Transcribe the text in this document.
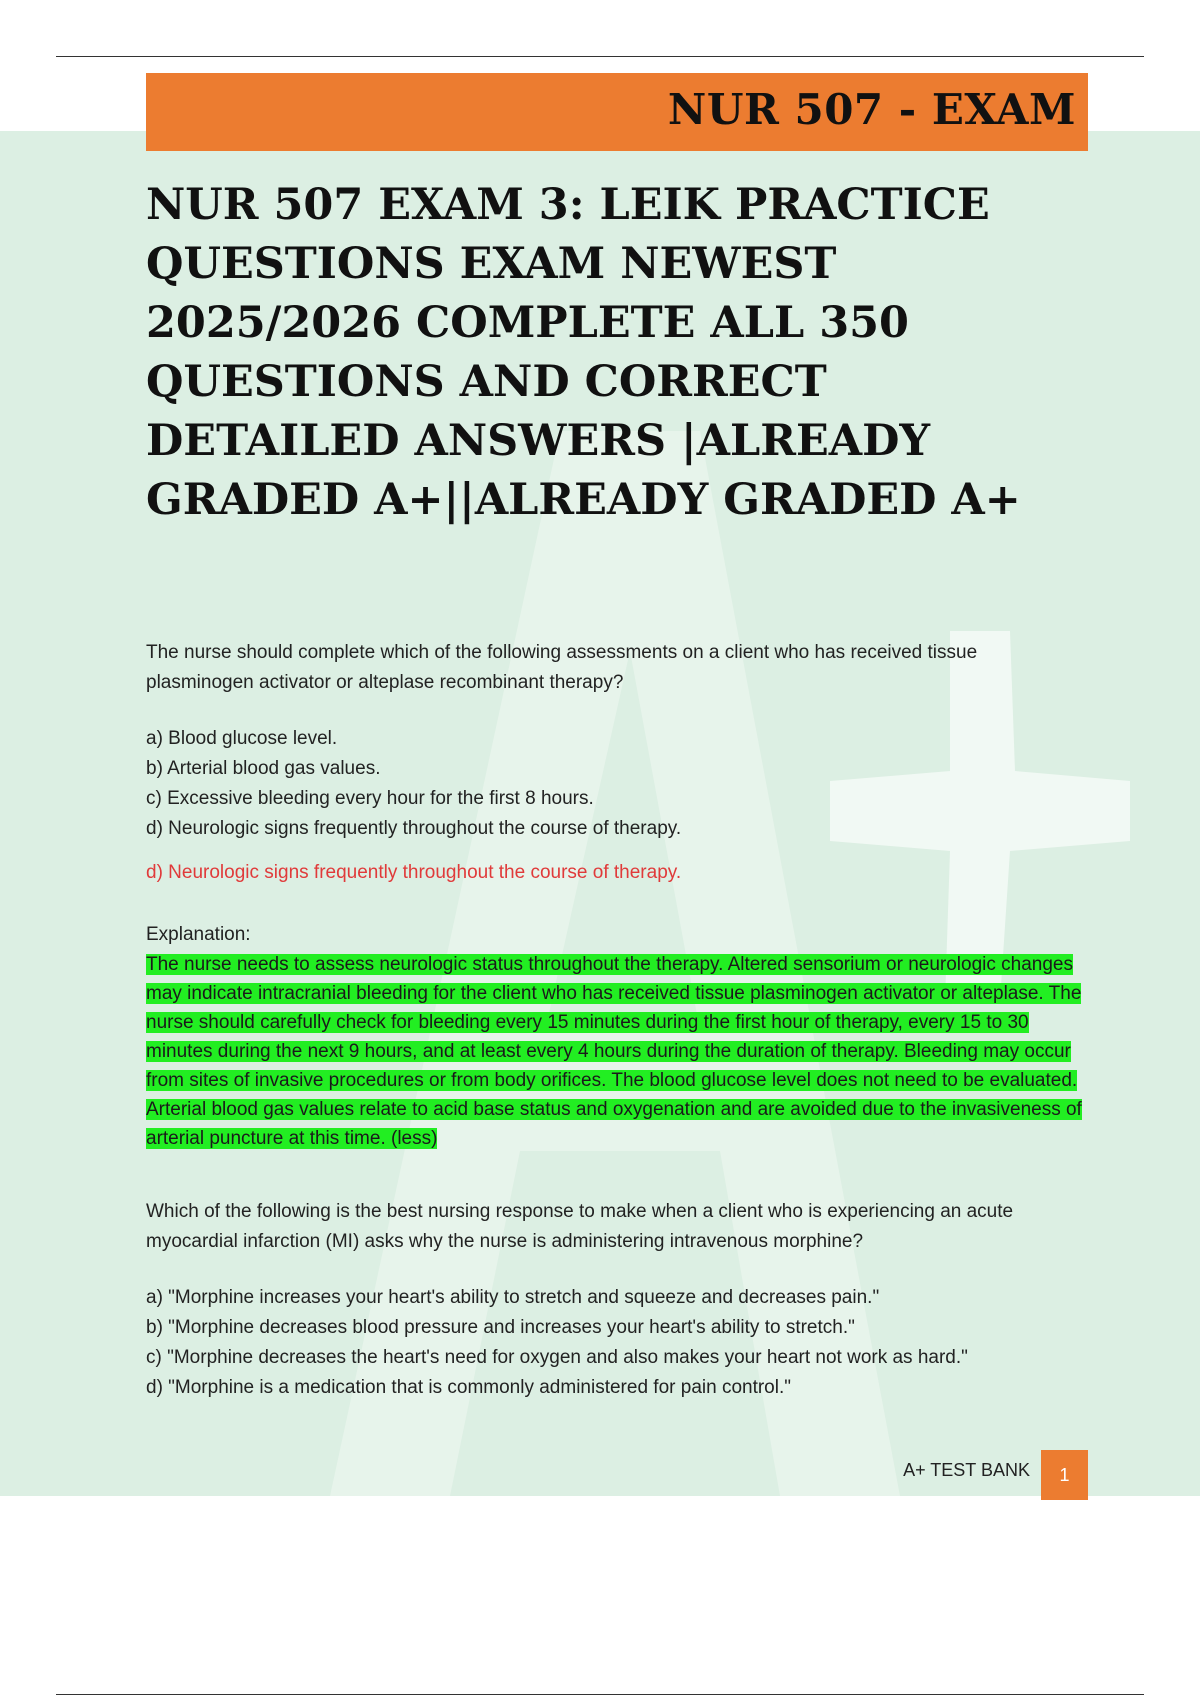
NUR 507 - EXAM
NUR 507 EXAM 3: LEIK PRACTICE QUESTIONS EXAM NEWEST 2025/2026 COMPLETE ALL 350 QUESTIONS AND CORRECT DETAILED ANSWERS |ALREADY GRADED A+||ALREADY GRADED A+

The nurse should complete which of the following assessments on a client who has received tissue plasminogen activator or alteplase recombinant therapy?

a) Blood glucose level.
b) Arterial blood gas values.
c) Excessive bleeding every hour for the first 8 hours.
d) Neurologic signs frequently throughout the course of therapy.
d) Neurologic signs frequently throughout the course of therapy.
Explanation:

The nurse needs to assess neurologic status throughout the therapy. Altered sensorium or neurologic changes may indicate intracranial bleeding for the client who has received tissue plasminogen activator or alteplase. The nurse should carefully check for bleeding every 15 minutes during the first hour of therapy, every 15 to 30 minutes during the next 9 hours, and at least every 4 hours during the duration of therapy. Bleeding may occur from sites of invasive procedures or from body orifices. The blood glucose level does not need to be evaluated. Arterial blood gas values relate to acid base status and oxygenation and are avoided due to the invasiveness of arterial puncture at this time. (less)

Which of the following is the best nursing response to make when a client who is experiencing an acute myocardial infarction (MI) asks why the nurse is administering intravenous morphine?

a) "Morphine increases your heart's ability to stretch and squeeze and decreases pain."
b) "Morphine decreases blood pressure and increases your heart's ability to stretch."
c) "Morphine decreases the heart's need for oxygen and also makes your heart not work as hard."
d) "Morphine is a medication that is commonly administered for pain control."
A+ TEST BANK	1
